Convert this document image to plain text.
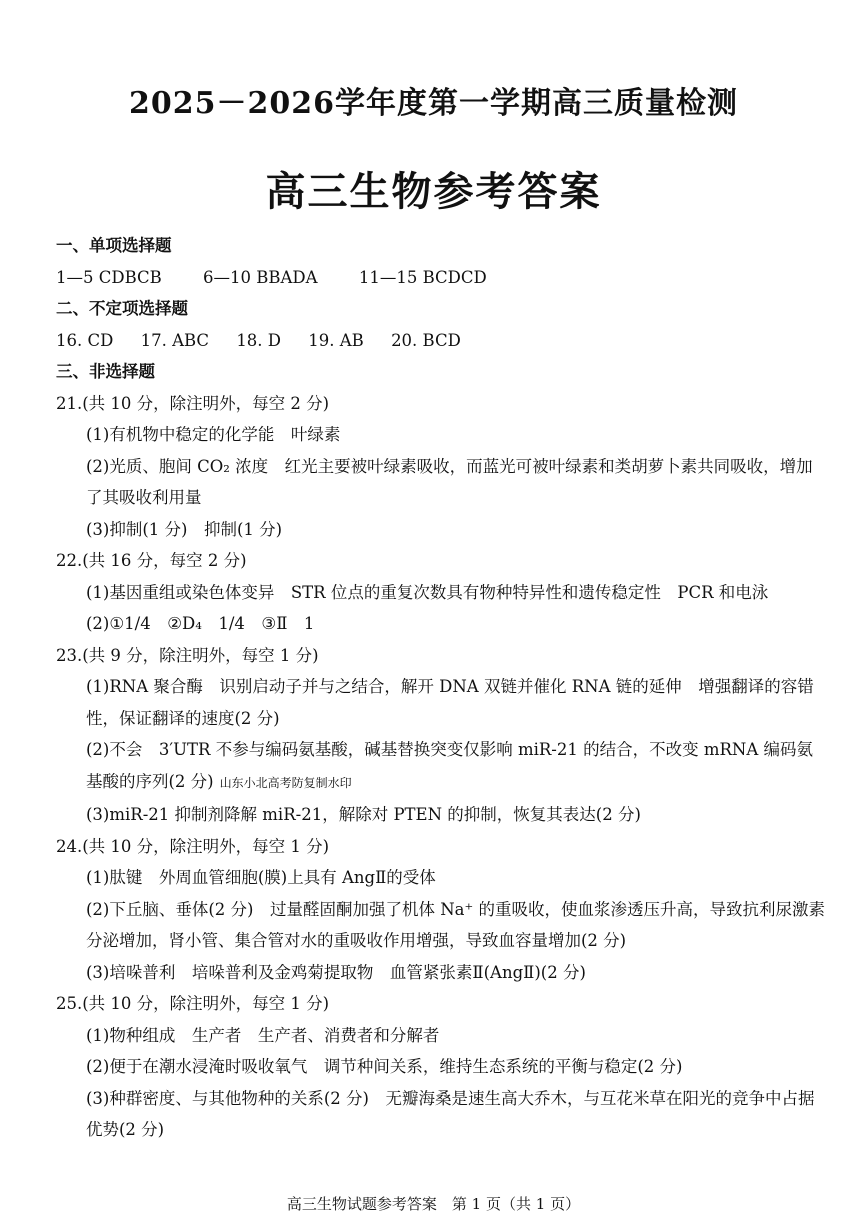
2025－2026学年度第一学期高三质量检测
高三生物参考答案
一、单项选择题
1—5 CDBCB	6—10 BBADA	11—15 BCDCD
二、不定项选择题
16. CD 17. ABC 18. D 19. AB 20. BCD
三、非选择题
21.(共 10 分，除注明外，每空 2 分)
(1)有机物中稳定的化学能　叶绿素
(2)光质、胞间 CO₂ 浓度　红光主要被叶绿素吸收，而蓝光可被叶绿素和类胡萝卜素共同吸收，增加了其吸收利用量
(3)抑制(1 分)　抑制(1 分)
22.(共 16 分，每空 2 分)
(1)基因重组或染色体变异　STR 位点的重复次数具有物种特异性和遗传稳定性　PCR 和电泳
(2)①1/4　②D₄　1/4　③Ⅱ　1
23.(共 9 分，除注明外，每空 1 分)
(1)RNA 聚合酶　识别启动子并与之结合，解开 DNA 双链并催化 RNA 链的延伸　增强翻译的容错性，保证翻译的速度(2 分)
(2)不会　3′UTR 不参与编码氨基酸，碱基替换突变仅影响 miR-21 的结合，不改变 mRNA 编码氨基酸的序列(2 分) 山东小北高考防复制水印
(3)miR-21 抑制剂降解 miR-21，解除对 PTEN 的抑制，恢复其表达(2 分)
24.(共 10 分，除注明外，每空 1 分)
(1)肽键　外周血管细胞(膜)上具有 AngⅡ的受体
(2)下丘脑、垂体(2 分)　过量醛固酮加强了机体 Na⁺ 的重吸收，使血浆渗透压升高，导致抗利尿激素分泌增加，肾小管、集合管对水的重吸收作用增强，导致血容量增加(2 分)
(3)培哚普利　培哚普利及金鸡菊提取物　血管紧张素Ⅱ(AngⅡ)(2 分)
25.(共 10 分，除注明外，每空 1 分)
(1)物种组成　生产者　生产者、消费者和分解者
(2)便于在潮水浸淹时吸收氧气　调节种间关系，维持生态系统的平衡与稳定(2 分)
(3)种群密度、与其他物种的关系(2 分)　无瓣海桑是速生高大乔木，与互花米草在阳光的竞争中占据优势(2 分)
高三生物试题参考答案　第 1 页（共 1 页）
